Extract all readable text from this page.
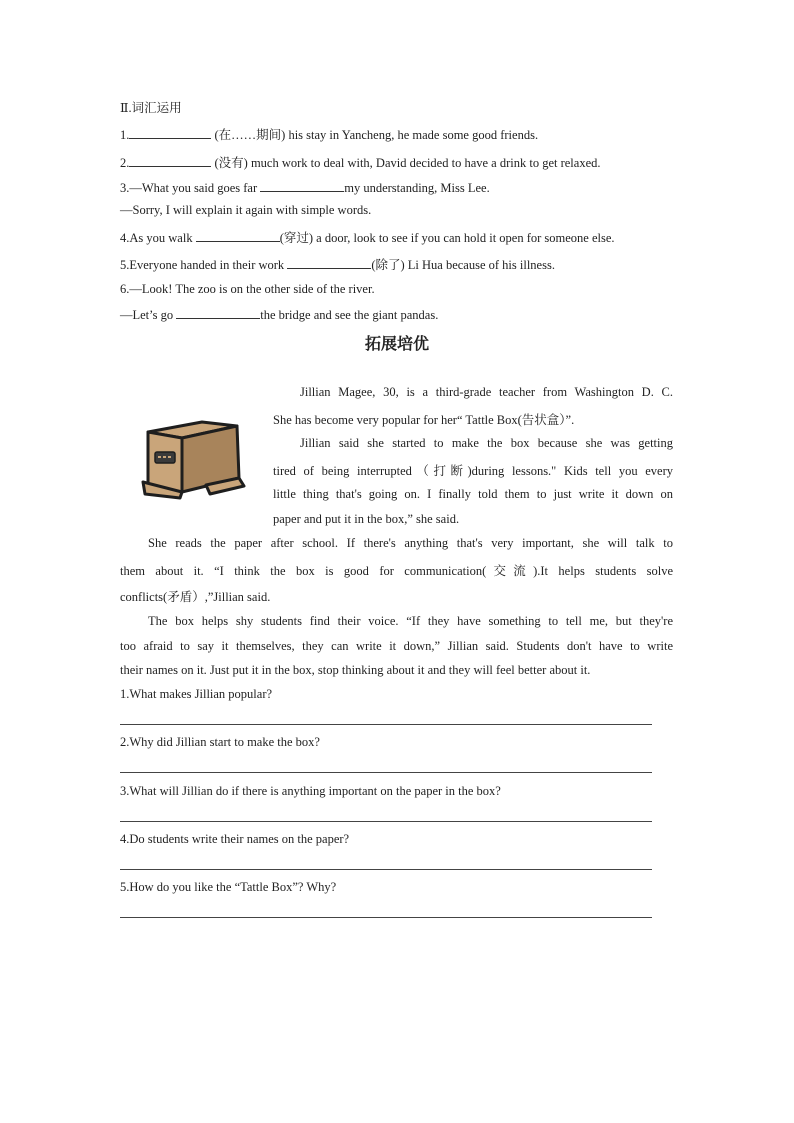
Ⅱ.词汇运用
1.	(在……期间) his stay in Yancheng, he made some good friends.
2.	(没有) much work to deal with, David decided to have a drink to get relaxed.
3.—What you said goes far	my understanding, Miss Lee.
—Sorry, I will explain it again with simple words.
4.As you walk	(穿过) a door, look to see if you can hold it open for someone else.
5.Everyone handed in their work	(除了) Li Hua because of his illness.
6.—Look! The zoo is on the other side of the river.
—Let’s go	the bridge and see the giant pandas.
拓展培优
Jillian Magee, 30, is a third-grade teacher from Washington D. C.
She has become very popular for her“ Tattle Box(告状盒）”.
Jillian said she started to make the box because she was getting
tired of being interrupted（打断)during lessons." Kids tell you every
little thing that's going on. I finally told them to just write it down on
paper and put it in the box,” she said.
She reads the paper after school. If there's anything that's very important, she will talk to
them about it. “I think the box is good for communication(交流).It helps students solve
conflicts(矛盾）,”Jillian said.
The box helps shy students find their voice. “If they have something to tell me, but they're
too afraid to say it themselves, they can write it down,” Jillian said. Students don't have to write
their names on it. Just put it in the box, stop thinking about it and they will feel better about it.
1.What makes Jillian popular?
2.Why did Jillian start to make the box?
3.What will Jillian do if there is anything important on the paper in the box?
4.Do students write their names on the paper?
5.How do you like the “Tattle Box”? Why?
